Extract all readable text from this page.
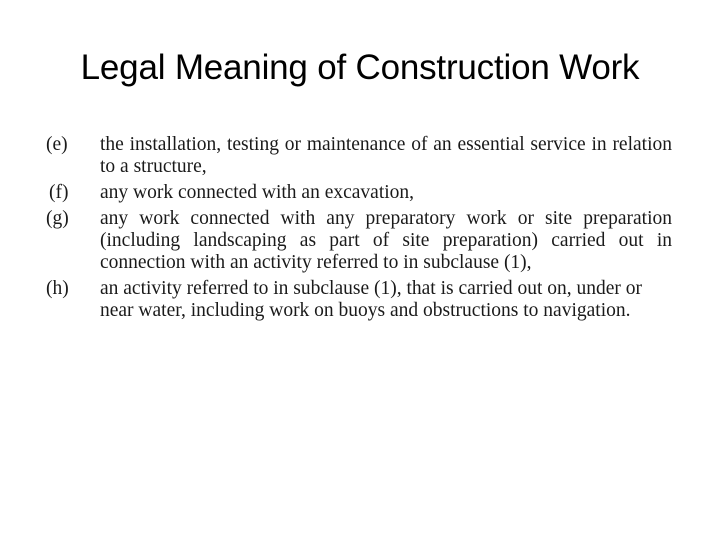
Legal Meaning of Construction Work
(e)	the installation, testing or maintenance of an essential service in relation to a structure,
(f)	any work connected with an excavation,
(g)	any work connected with any preparatory work or site preparation (including landscaping as part of site preparation) carried out in connection with an activity referred to in subclause (1),
(h)	an activity referred to in subclause (1), that is carried out on, under or near water, including work on buoys and obstructions to navigation.
